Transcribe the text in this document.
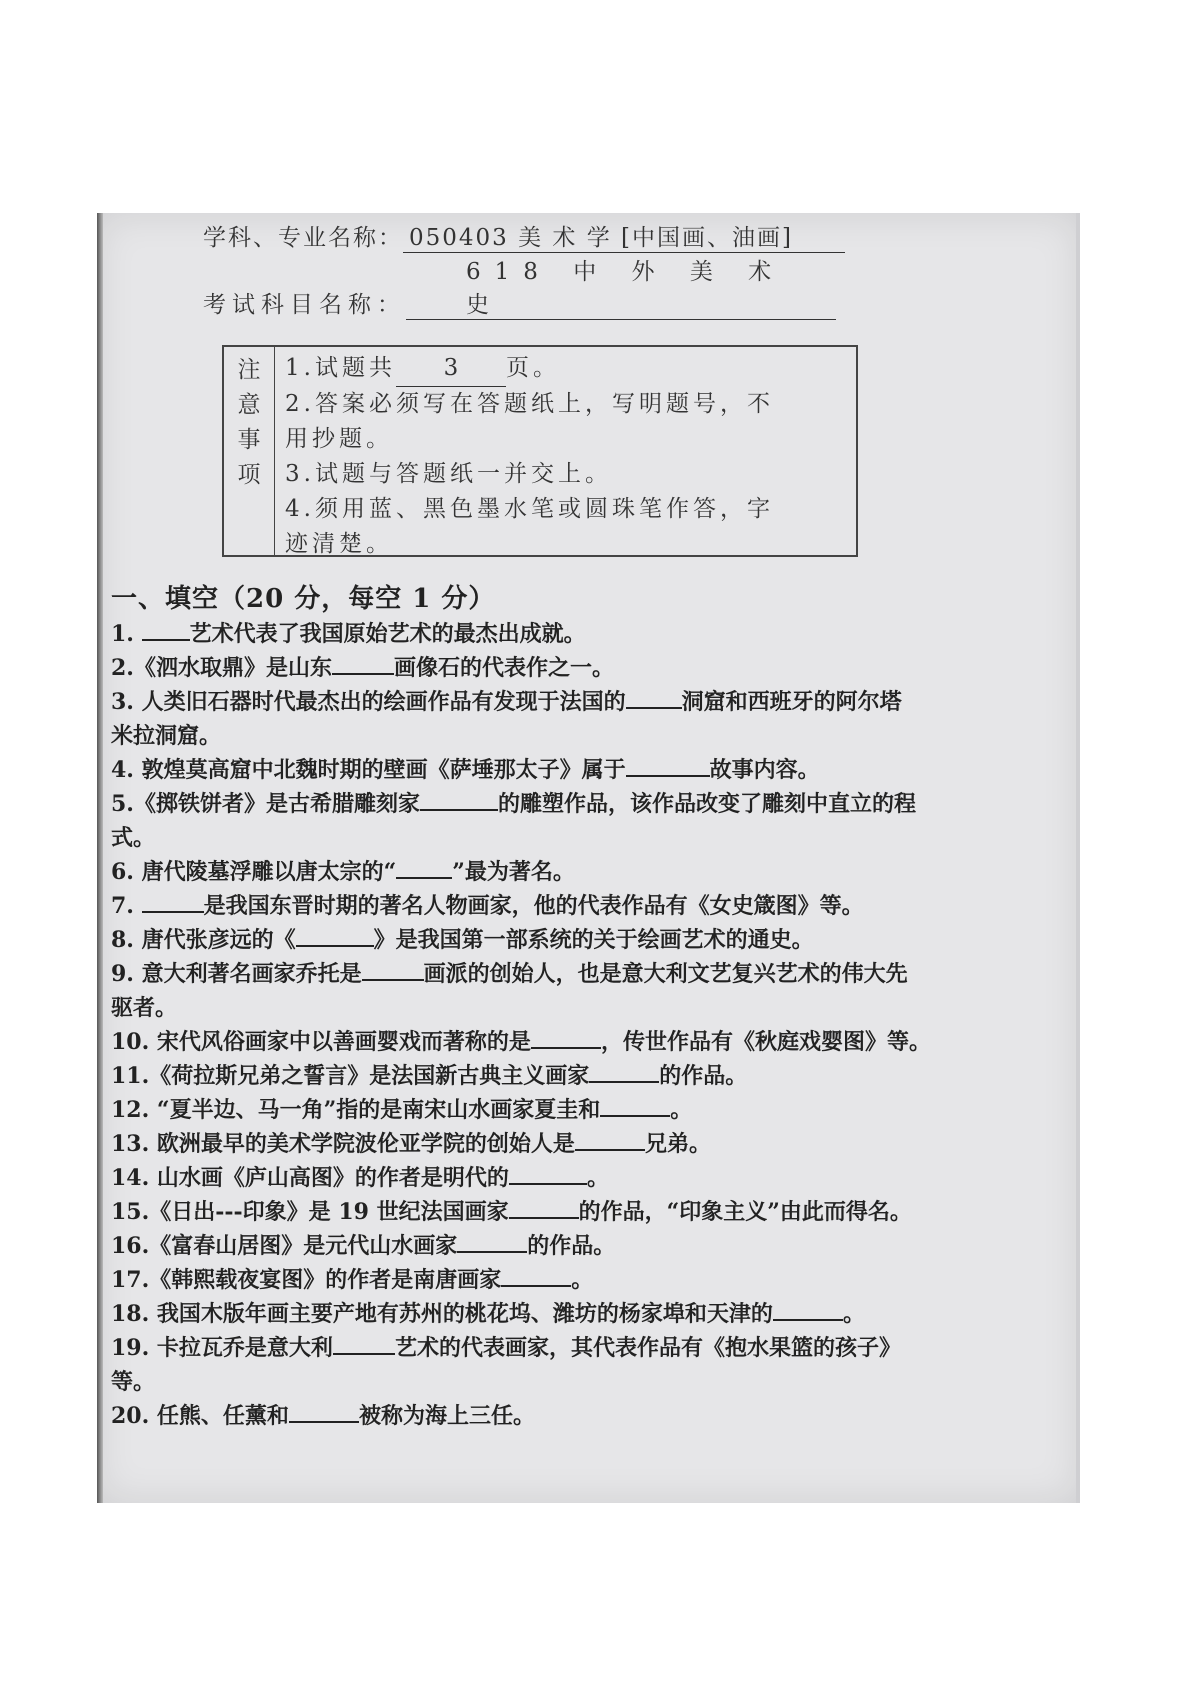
学科、专业名称： 050403 美 术 学 [中国画、油画]
考试科目名称：618 中 外 美 术 史
注
意
事
项
1.试题共 3 页。
2.答案必须写在答题纸上，写明题号，不
用抄题。
3.试题与答题纸一并交上。
4.须用蓝、黑色墨水笔或圆珠笔作答，字
迹清楚。
一、填空（20 分，每空 1 分）
1. 艺术代表了我国原始艺术的最杰出成就。
2.《泗水取鼎》是山东	画像石的代表作之一。
3. 人类旧石器时代最杰出的绘画作品有发现于法国的	洞窟和西班牙的阿尔塔
米拉洞窟。
4. 敦煌莫高窟中北魏时期的壁画《萨埵那太子》属于	故事内容。
5.《掷铁饼者》是古希腊雕刻家	的雕塑作品，该作品改变了雕刻中直立的程
式。
6. 唐代陵墓浮雕以唐太宗的“	”最为著名。
7.	是我国东晋时期的著名人物画家，他的代表作品有《女史箴图》等。
8. 唐代张彦远的《	》是我国第一部系统的关于绘画艺术的通史。
9. 意大利著名画家乔托是	画派的创始人，也是意大利文艺复兴艺术的伟大先
驱者。
10. 宋代风俗画家中以善画婴戏而著称的是	，传世作品有《秋庭戏婴图》等。
11.《荷拉斯兄弟之誓言》是法国新古典主义画家	的作品。
12. “夏半边、马一角”指的是南宋山水画家夏圭和	。
13. 欧洲最早的美术学院波伦亚学院的创始人是	兄弟。
14. 山水画《庐山高图》的作者是明代的	。
15.《日出---印象》是 19 世纪法国画家	的作品，“印象主义”由此而得名。
16.《富春山居图》是元代山水画家	的作品。
17.《韩熙载夜宴图》的作者是南唐画家	。
18. 我国木版年画主要产地有苏州的桃花坞、潍坊的杨家埠和天津的	。
19. 卡拉瓦乔是意大利	艺术的代表画家，其代表作品有《抱水果篮的孩子》
等。
20. 任熊、任薰和	被称为海上三任。
